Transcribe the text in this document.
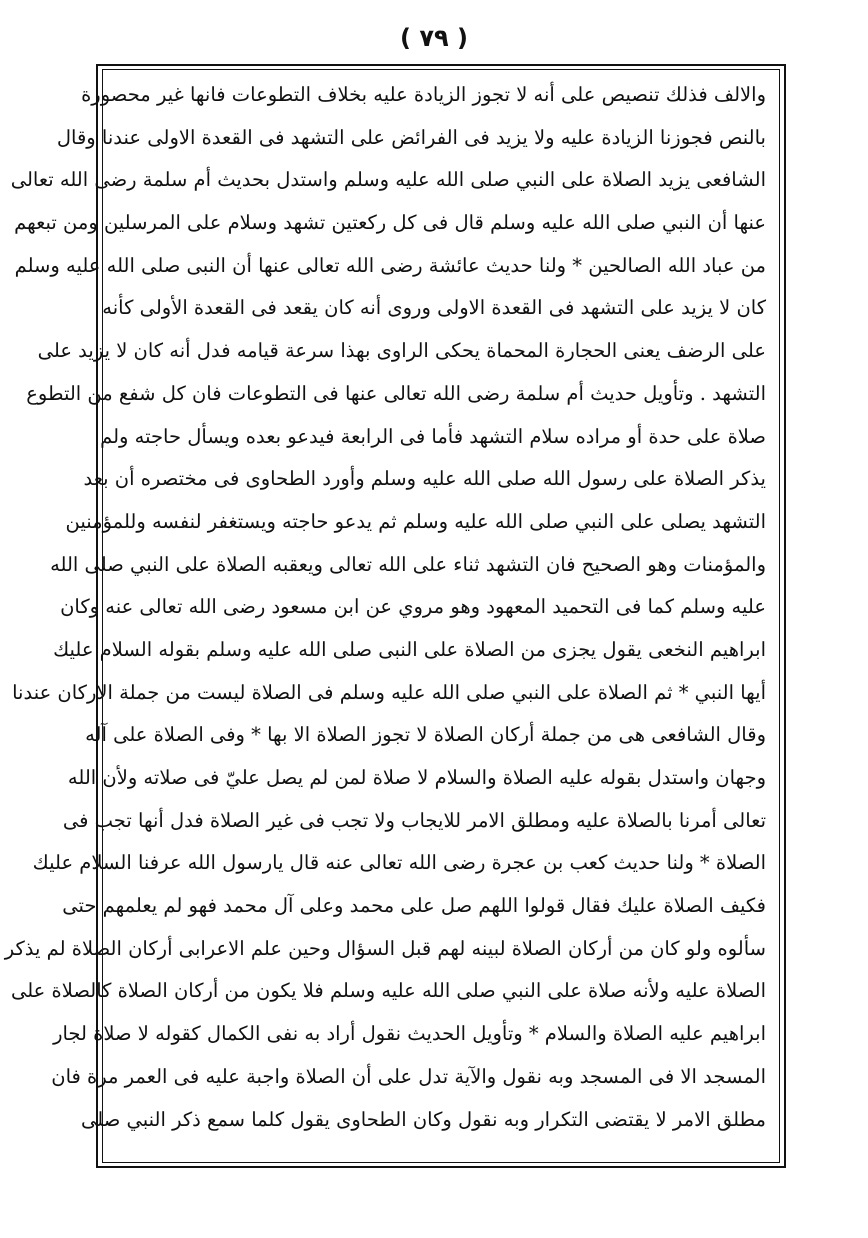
( ٧٩ )
والالف فذلك تنصيص على أنه لا تجوز الزيادة عليه بخلاف التطوعات فانها غير محصورة
بالنص فجوزنا الزيادة عليه ولا يزيد فى الفرائض على التشهد فى القعدة الاولى عندنا وقال
الشافعى يزيد الصلاة على النبي صلى الله عليه وسلم واستدل بحديث أم سلمة رضى الله تعالى
عنها أن النبي صلى الله عليه وسلم قال فى كل ركعتين تشهد وسلام على المرسلين ومن تبعهم
من عباد الله الصالحين * ولنا حديث عائشة رضى الله تعالى عنها أن النبى صلى الله عليه وسلم
كان لا يزيد على التشهد فى القعدة الاولى وروى أنه كان يقعد فى القعدة الأولى كأنه
على الرضف يعنى الحجارة المحماة يحكى الراوى بهذا سرعة قيامه فدل أنه كان لا يزيد على
التشهد . وتأويل حديث أم سلمة رضى الله تعالى عنها فى التطوعات فان كل شفع من التطوع
صلاة على حدة أو مراده سلام التشهد فأما فى الرابعة فيدعو بعده ويسأل حاجته ولم
يذكر الصلاة على رسول الله صلى الله عليه وسلم وأورد الطحاوى فى مختصره أن بعد
التشهد يصلى على النبي صلى الله عليه وسلم ثم يدعو حاجته ويستغفر لنفسه وللمؤمنين
والمؤمنات وهو الصحيح فان التشهد ثناء على الله تعالى ويعقبه الصلاة على النبي صلى الله
عليه وسلم كما فى التحميد المعهود وهو مروي عن ابن مسعود رضى الله تعالى عنه وكان
ابراهيم النخعى يقول يجزى من الصلاة على النبى صلى الله عليه وسلم بقوله السلام عليك
أيها النبي * ثم الصلاة على النبي صلى الله عليه وسلم فى الصلاة ليست من جملة الاركان عندنا
وقال الشافعى هى من جملة أركان الصلاة لا تجوز الصلاة الا بها * وفى الصلاة على آله
وجهان واستدل بقوله عليه الصلاة والسلام لا صلاة لمن لم يصل عليّ فى صلاته ولأن الله
تعالى أمرنا بالصلاة عليه ومطلق الامر للايجاب ولا تجب فى غير الصلاة فدل أنها تجب فى
الصلاة * ولنا حديث كعب بن عجرة رضى الله تعالى عنه قال يارسول الله عرفنا السلام عليك
فكيف الصلاة عليك فقال قولوا اللهم صل على محمد وعلى آل محمد فهو لم يعلمهم حتى
سألوه ولو كان من أركان الصلاة لبينه لهم قبل السؤال وحين علم الاعرابى أركان الصلاة لم يذكر
الصلاة عليه ولأنه صلاة على النبي صلى الله عليه وسلم فلا يكون من أركان الصلاة كالصلاة على
ابراهيم عليه الصلاة والسلام * وتأويل الحديث نقول أراد به نفى الكمال كقوله لا صلاة لجار
المسجد الا فى المسجد وبه نقول والآية تدل على أن الصلاة واجبة عليه فى العمر مرة فان
مطلق الامر لا يقتضى التكرار وبه نقول وكان الطحاوى يقول كلما سمع ذكر النبي صلى
